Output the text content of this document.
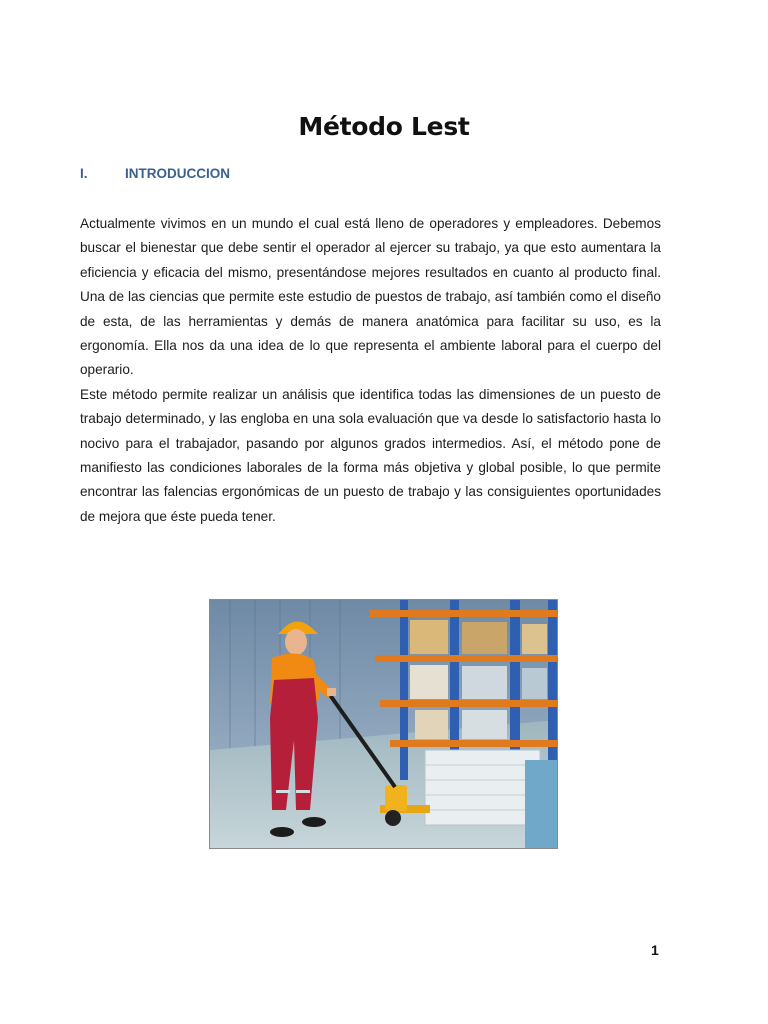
Método Lest
I.	INTRODUCCION

Actualmente vivimos en un mundo el cual está lleno de operadores y empleadores. Debemos buscar el bienestar que debe sentir el operador al ejercer su trabajo, ya que esto aumentara la eficiencia y eficacia del mismo, presentándose mejores resultados en cuanto al producto final. Una de las ciencias que permite este estudio de puestos de trabajo, así también como el diseño de esta, de las herramientas y demás de manera anatómica para facilitar su uso, es la ergonomía. Ella nos da una idea de lo que representa el ambiente laboral para el cuerpo del operario.

Este método permite realizar un análisis que identifica todas las dimensiones de un puesto de trabajo determinado, y las engloba en una sola evaluación que va desde lo satisfactorio hasta lo nocivo para el trabajador, pasando por algunos grados intermedios. Así, el método pone de manifiesto las condiciones laborales de la forma más objetiva y global posible, lo que permite encontrar las falencias ergonómicas de un puesto de trabajo y las consiguientes oportunidades de mejora que éste pueda tener.

1
